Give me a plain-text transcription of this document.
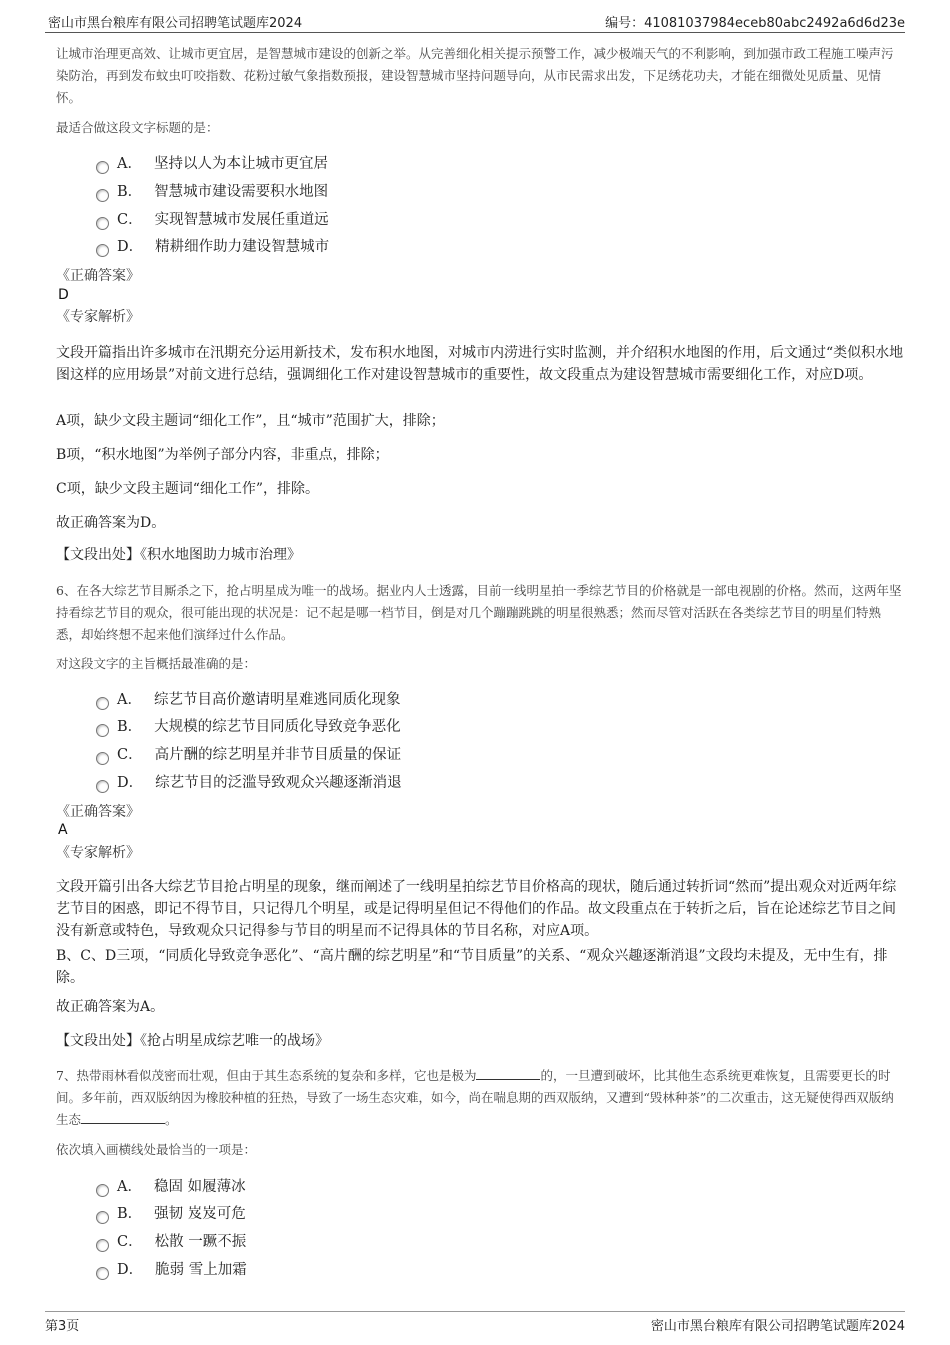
密山市黑台粮库有限公司招聘笔试题库2024	编号：41081037984eceb80abc2492a6d6d23e
让城市治理更高效、让城市更宜居，是智慧城市建设的创新之举。从完善细化相关提示预警工作，减少极端天气的不利影响，到加强市政工程施工噪声污染防治，再到发布蚊虫叮咬指数、花粉过敏气象指数预报，建设智慧城市坚持问题导向，从市民需求出发，下足绣花功夫，才能在细微处见质量、见情怀。
最适合做这段文字标题的是：
A． 坚持以人为本让城市更宜居
B． 智慧城市建设需要积水地图
C． 实现智慧城市发展任重道远
D． 精耕细作助力建设智慧城市
《正确答案》
D
《专家解析》
文段开篇指出许多城市在汛期充分运用新技术，发布积水地图，对城市内涝进行实时监测，并介绍积水地图的作用，后文通过“类似积水地图这样的应用场景”对前文进行总结，强调细化工作对建设智慧城市的重要性，故文段重点为建设智慧城市需要细化工作，对应D项。
A项，缺少文段主题词“细化工作”，且“城市”范围扩大，排除；
B项，“积水地图”为举例子部分内容，非重点，排除；
C项，缺少文段主题词“细化工作”，排除。
故正确答案为D。
【文段出处】《积水地图助力城市治理》
6、在各大综艺节目厮杀之下，抢占明星成为唯一的战场。据业内人士透露，目前一线明星拍一季综艺节目的价格就是一部电视剧的价格。然而，这两年坚持看综艺节目的观众，很可能出现的状况是：记不起是哪一档节目，倒是对几个蹦蹦跳跳的明星很熟悉；然而尽管对活跃在各类综艺节目的明星们特熟悉，却始终想不起来他们演绎过什么作品。
对这段文字的主旨概括最准确的是：
A． 综艺节目高价邀请明星难逃同质化现象
B． 大规模的综艺节目同质化导致竞争恶化
C． 高片酬的综艺明星并非节目质量的保证
D． 综艺节目的泛滥导致观众兴趣逐渐消退
《正确答案》
A
《专家解析》
文段开篇引出各大综艺节目抢占明星的现象，继而阐述了一线明星拍综艺节目价格高的现状，随后通过转折词“然而”提出观众对近两年综艺节目的困惑，即记不得节目，只记得几个明星，或是记得明星但记不得他们的作品。故文段重点在于转折之后，旨在论述综艺节目之间没有新意或特色，导致观众只记得参与节目的明星而不记得具体的节目名称，对应A项。
B、C、D三项，“同质化导致竞争恶化”、“高片酬的综艺明星”和“节目质量”的关系、“观众兴趣逐渐消退”文段均未提及，无中生有，排除。
故正确答案为A。
【文段出处】《抢占明星成综艺唯一的战场》
7、热带雨林看似茂密而壮观，但由于其生态系统的复杂和多样，它也是极为	的，一旦遭到破坏，比其他生态系统更难恢复，且需要更长的时间。多年前，西双版纳因为橡胶种植的狂热，导致了一场生态灾难，如今，尚在喘息期的西双版纳，又遭到“毁林种茶”的二次重击，这无疑使得西双版纳生态	。
依次填入画横线处最恰当的一项是：
A． 稳固 如履薄冰
B． 强韧 岌岌可危
C． 松散 一蹶不振
D． 脆弱 雪上加霜
第3页	密山市黑台粮库有限公司招聘笔试题库2024
